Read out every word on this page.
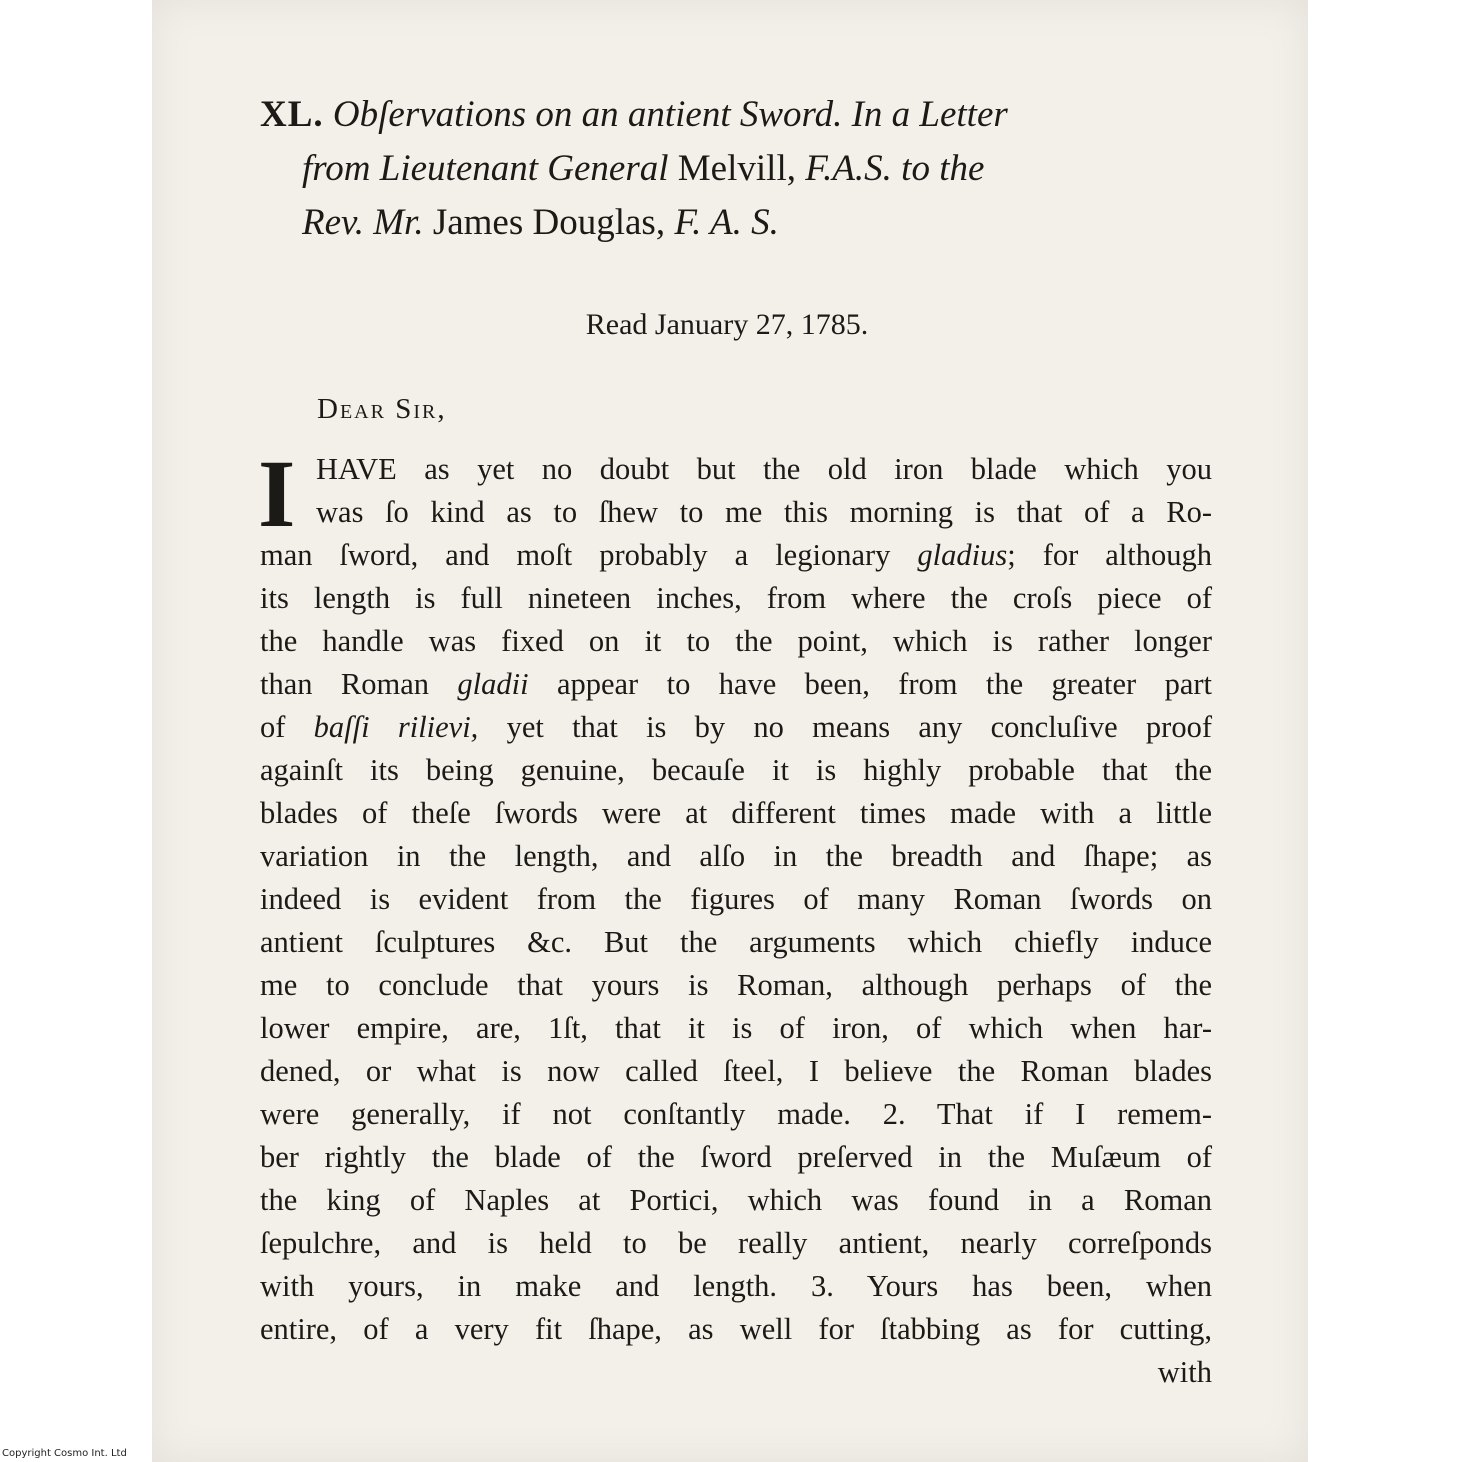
XL. Obſervations on an antient Sword. In a Letter
from Lieutenant General Melvill, F.A.S. to the
Rev. Mr. James Douglas, F. A. S.
Read January 27, 1785.
Dear Sir,
I HAVE as yet no doubt but the old iron blade which you
was ſo kind as to ſhew to me this morning is that of a Ro-
man ſword, and moſt probably a legionary gladius; for although
its length is full nineteen inches, from where the croſs piece of
the handle was fixed on it to the point, which is rather longer
than Roman gladii appear to have been, from the greater part
of baſſi rilievi, yet that is by no means any concluſive proof
againſt its being genuine, becauſe it is highly probable that the
blades of theſe ſwords were at different times made with a little
variation in the length, and alſo in the breadth and ſhape; as
indeed is evident from the figures of many Roman ſwords on
antient ſculptures &c. But the arguments which chiefly induce
me to conclude that yours is Roman, although perhaps of the
lower empire, are, 1ſt, that it is of iron, of which when har-
dened, or what is now called ſteel, I believe the Roman blades
were generally, if not conſtantly made. 2. That if I remem-
ber rightly the blade of the ſword preſerved in the Muſæum of
the king of Naples at Portici, which was found in a Roman
ſepulchre, and is held to be really antient, nearly correſponds
with yours, in make and length. 3. Yours has been, when
entire, of a very fit ſhape, as well for ſtabbing as for cutting,
with
Copyright Cosmo Int. Ltd
